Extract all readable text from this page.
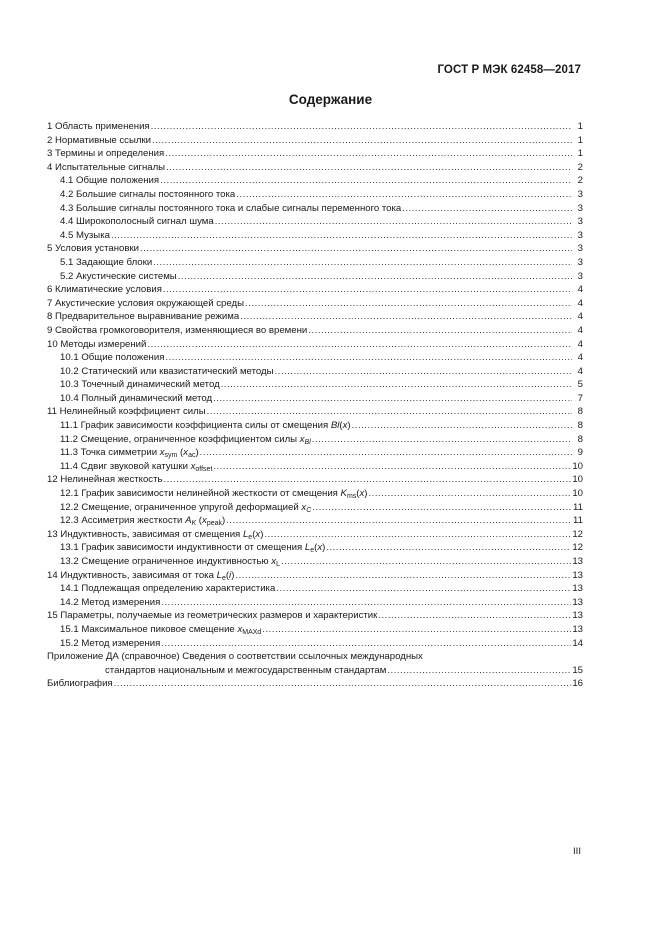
ГОСТ Р МЭК 62458—2017
Содержание
1 Область применения .....	1
2 Нормативные ссылки .....	1
3 Термины и определения .....	1
4 Испытательные сигналы .....	2
4.1 Общие положения .....	2
4.2 Большие сигналы постоянного тока .....	3
4.3 Большие сигналы постоянного тока и слабые сигналы переменного тока .....	3
4.4 Широкополосный сигнал шума .....	3
4.5 Музыка .....	3
5 Условия установки .....	3
5.1 Задающие блоки .....	3
5.2 Акустические системы .....	3
6 Климатические условия .....	4
7 Акустические условия окружающей среды .....	4
8 Предварительное выравнивание режима .....	4
9 Свойства громкоговорителя, изменяющиеся во времени .....	4
10 Методы измерений .....	4
10.1 Общие положения .....	4
10.2 Статический или квазистатический методы .....	4
10.3 Точечный динамический метод .....	5
10.4 Полный динамический метод .....	7
11 Нелинейный коэффициент силы .....	8
11.1 График зависимости коэффициента силы от смещения Bl(x) .....	8
11.2 Смещение, ограниченное коэффициентом силы $x_{Bl}$ .....	8
11.3 Точка симметрии $x_{sym}$ $(x_{ac})$ .....	9
11.4 Сдвиг звуковой катушки $x_{offset}$ .....	10
12 Нелинейная жесткость .....	10
12.1 График зависимости нелинейной жесткости от смещения $K_{ms}(x)$ .....	10
12.2 Смещение, ограниченное упругой деформацией $x_C$ .....	11
12.3 Ассиметрия жесткости $A_K$ $(x_{peak})$ .....	11
13 Индуктивность, зависимая от смещения $L_e(x)$ .....	12
13.1 График зависимости индуктивности от смещения $L_e(x)$ .....	12
13.2 Смещение ограниченное индуктивностью $x_L$ .....	13
14 Индуктивность, зависимая от тока $L_e(i)$ .....	13
14.1 Подлежащая определению характеристика .....	13
14.2 Метод измерения .....	13
15 Параметры, получаемые из геометрических размеров и характеристик .....	13
15.1 Максимальное пиковое смещение $x_{MAXd}$ .....	13
15.2 Метод измерения .....	14
Приложение ДА (справочное) Сведения о соответствии ссылочных международных
стандартов национальным и межгосударственным стандартам .....	15
Библиография .....	16
III
